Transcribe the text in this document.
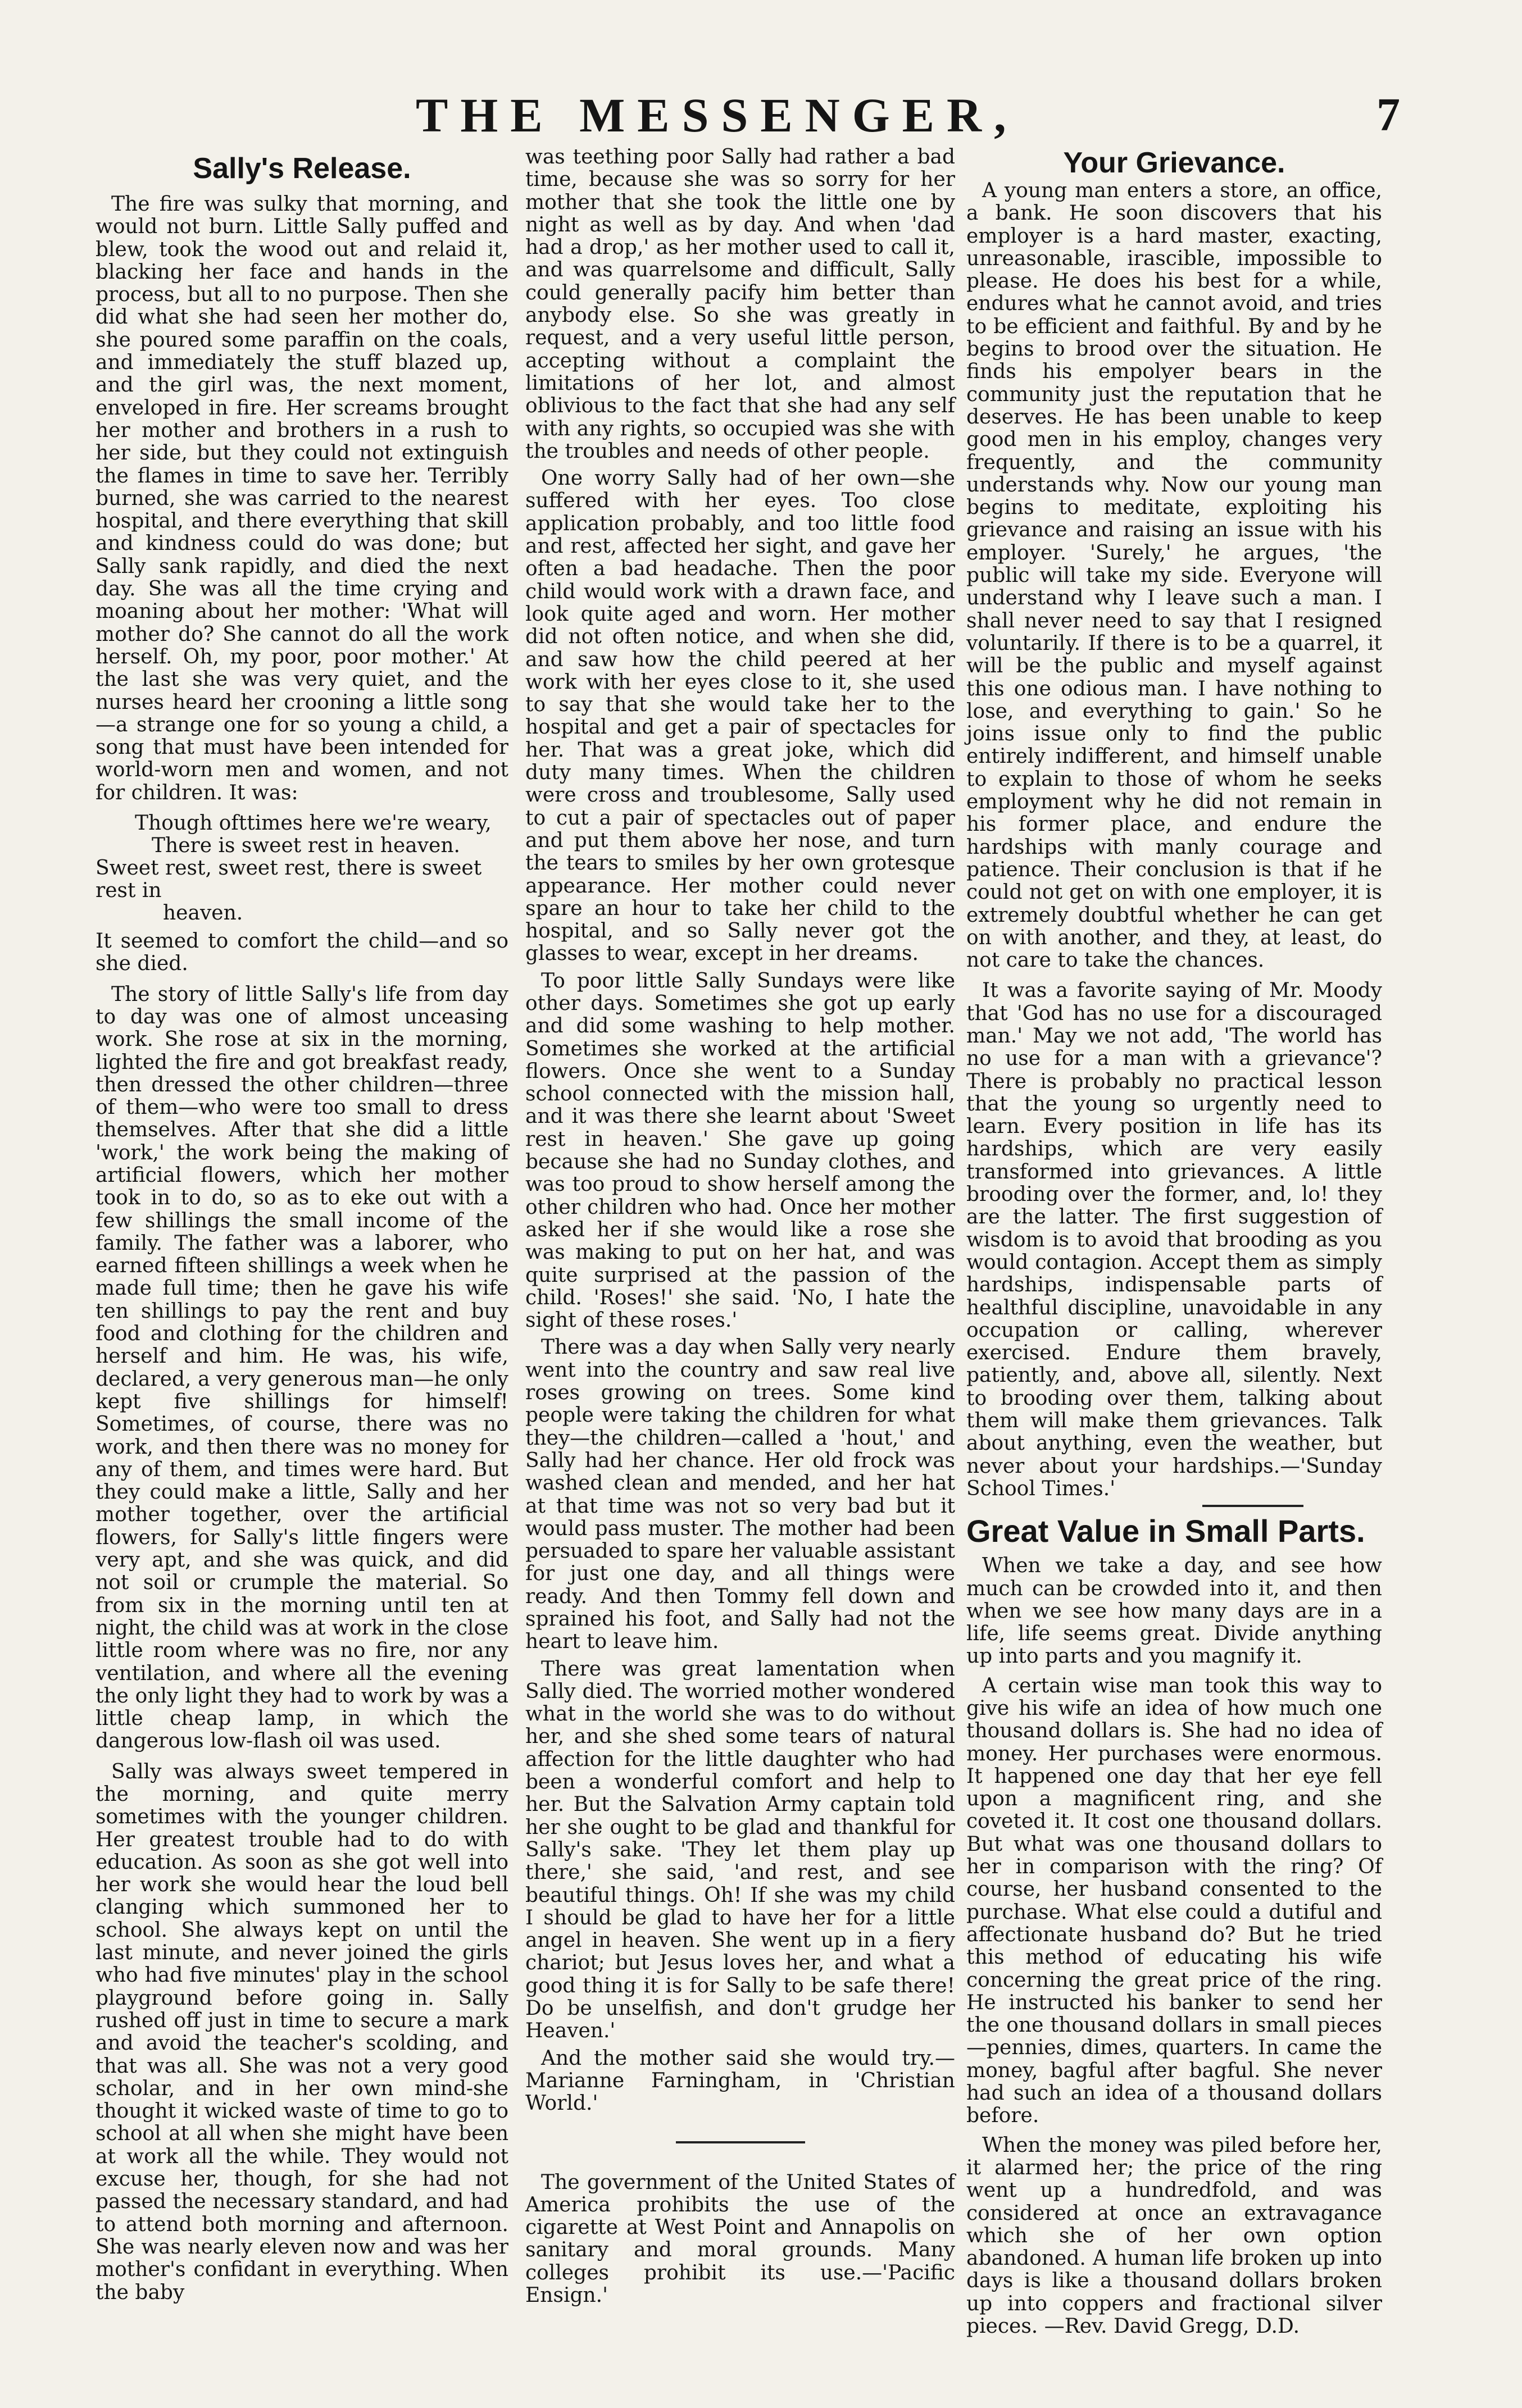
THE MESSENGER,	7
Sally's Release.

The fire was sulky that morning, and would not burn. Little Sally puffed and blew, took the wood out and relaid it, blacking her face and hands in the process, but all to no purpose. Then she did what she had seen her mother do, she poured some paraffin on the coals, and immediately the stuff blazed up, and the girl was, the next moment, enveloped in fire. Her screams brought her mother and brothers in a rush to her side, but they could not extinguish the flames in time to save her. Terribly burned, she was carried to the nearest hospital, and there everything that skill and kindness could do was done; but Sally sank rapidly, and died the next day. She was all the time crying and moaning about her mother: 'What will mother do? She cannot do all the work herself. Oh, my poor, poor mother.' At the last she was very quiet, and the nurses heard her crooning a little song—a strange one for so young a child, a song that must have been intended for world-worn men and women, and not for children. It was:

Though ofttimes here we're weary,
There is sweet rest in heaven.
Sweet rest, sweet rest, there is sweet rest in
heaven.

It seemed to comfort the child—and so she died.

The story of little Sally's life from day to day was one of almost unceasing work. She rose at six in the morning, lighted the fire and got breakfast ready, then dressed the other children—three of them—who were too small to dress themselves. After that she did a little 'work,' the work being the making of artificial flowers, which her mother took in to do, so as to eke out with a few shillings the small income of the family. The father was a laborer, who earned fifteen shillings a week when he made full time; then he gave his wife ten shillings to pay the rent and buy food and clothing for the children and herself and him. He was, his wife, declared, a very generous man—he only kept five shillings for himself! Sometimes, of course, there was no work, and then there was no money for any of them, and times were hard. But they could make a little, Sally and her mother together, over the artificial flowers, for Sally's little fingers were very apt, and she was quick, and did not soil or crumple the material. So from six in the morning until ten at night, the child was at work in the close little room where was no fire, nor any ventilation, and where all the evening the only light they had to work by was a little cheap lamp, in which the dangerous low-flash oil was used.

Sally was always sweet tempered in the morning, and quite merry sometimes with the younger children. Her greatest trouble had to do with education. As soon as she got well into her work she would hear the loud bell clanging which summoned her to school. She always kept on until the last minute, and never joined the girls who had five minutes' play in the school playground before going in. Sally rushed off just in time to secure a mark and avoid the teacher's scolding, and that was all. She was not a very good scholar, and in her own mind-she thought it wicked waste of time to go to school at all when she might have been at work all the while. They would not excuse her, though, for she had not passed the necessary standard, and had to attend both morning and afternoon. She was nearly eleven now and was her mother's confidant in everything. When the baby

was teething poor Sally had rather a bad time, because she was so sorry for her mother that she took the little one by night as well as by day. And when 'dad had a drop,' as her mother used to call it, and was quarrelsome and difficult, Sally could generally pacify him better than anybody else. So she was greatly in request, and a very useful little person, accepting without a complaint the limitations of her lot, and almost oblivious to the fact that she had any self with any rights, so occupied was she with the troubles and needs of other people.

One worry Sally had of her own—she suffered with her eyes. Too close application probably, and too little food and rest, affected her sight, and gave her often a bad headache. Then the poor child would work with a drawn face, and look quite aged and worn. Her mother did not often notice, and when she did, and saw how the child peered at her work with her eyes close to it, she used to say that she would take her to the hospital and get a pair of spectacles for her. That was a great joke, which did duty many times. When the children were cross and troublesome, Sally used to cut a pair of spectacles out of paper and put them above her nose, and turn the tears to smiles by her own grotesque appearance. Her mother could never spare an hour to take her child to the hospital, and so Sally never got the glasses to wear, except in her dreams.

To poor little Sally Sundays were like other days. Sometimes she got up early and did some washing to help mother. Sometimes she worked at the artificial flowers. Once she went to a Sunday school connected with the mission hall, and it was there she learnt about 'Sweet rest in heaven.' She gave up going because she had no Sunday clothes, and was too proud to show herself among the other children who had. Once her mother asked her if she would like a rose she was making to put on her hat, and was quite surprised at the passion of the child. 'Roses!' she said. 'No, I hate the sight of these roses.'

There was a day when Sally very nearly went into the country and saw real live roses growing on trees. Some kind people were taking the children for what they—the children—called a 'hout,' and Sally had her chance. Her old frock was washed clean and mended, and her hat at that time was not so very bad but it would pass muster. The mother had been persuaded to spare her valuable assistant for just one day, and all things were ready. And then Tommy fell down and sprained his foot, and Sally had not the heart to leave him.

There was great lamentation when Sally died. The worried mother wondered what in the world she was to do without her, and she shed some tears of natural affection for the little daughter who had been a wonderful comfort and help to her. But the Salvation Army captain told her she ought to be glad and thankful for Sally's sake. 'They let them play up there,' she said, 'and rest, and see beautiful things. Oh! If she was my child I should be glad to have her for a little angel in heaven. She went up in a fiery chariot; but Jesus loves her, and what a good thing it is for Sally to be safe there! Do be unselfish, and don't grudge her Heaven.'

And the mother said she would try.—Marianne Farningham, in 'Christian World.'

The government of the United States of America prohibits the use of the cigarette at West Point and Annapolis on sanitary and moral grounds. Many colleges prohibit its use.—'Pacific Ensign.'

Your Grievance.

A young man enters a store, an office, a bank. He soon discovers that his employer is a hard master, exacting, unreasonable, irascible, impossible to please. He does his best for a while, endures what he cannot avoid, and tries to be efficient and faithful. By and by he begins to brood over the situation. He finds his empolyer bears in the community just the reputation that he deserves. He has been unable to keep good men in his employ, changes very frequently, and the community understands why. Now our young man begins to meditate, exploiting his grievance and raising an issue with his employer. 'Surely,' he argues, 'the public will take my side. Everyone will understand why I leave such a man. I shall never need to say that I resigned voluntarily. If there is to be a quarrel, it will be the public and myself against this one odious man. I have nothing to lose, and everything to gain.' So he joins issue only to find the public entirely indifferent, and himself unable to explain to those of whom he seeks employment why he did not remain in his former place, and endure the hardships with manly courage and patience. Their conclusion is that if he could not get on with one employer, it is extremely doubtful whether he can get on with another, and they, at least, do not care to take the chances.

It was a favorite saying of Mr. Moody that 'God has no use for a discouraged man.' May we not add, 'The world has no use for a man with a grievance'? There is probably no practical lesson that the young so urgently need to learn. Every position in life has its hardships, which are very easily transformed into grievances. A little brooding over the former, and, lo! they are the latter. The first suggestion of wisdom is to avoid that brooding as you would contagion. Accept them as simply hardships, indispensable parts of healthful discipline, unavoidable in any occupation or calling, wherever exercised. Endure them bravely, patiently, and, above all, silently. Next to brooding over them, talking about them will make them grievances. Talk about anything, even the weather, but never about your hardships.—'Sunday School Times.'

Great Value in Small Parts.

When we take a day, and see how much can be crowded into it, and then when we see how many days are in a life, life seems great. Divide anything up into parts and you magnify it.

A certain wise man took this way to give his wife an idea of how much one thousand dollars is. She had no idea of money. Her purchases were enormous. It happened one day that her eye fell upon a magnificent ring, and she coveted it. It cost one thousand dollars. But what was one thousand dollars to her in comparison with the ring? Of course, her husband consented to the purchase. What else could a dutiful and affectionate husband do? But he tried this method of educating his wife concerning the great price of the ring. He instructed his banker to send her the one thousand dollars in small pieces—pennies, dimes, quarters. In came the money, bagful after bagful. She never had such an idea of a thousand dollars before.

When the money was piled before her, it alarmed her; the price of the ring went up a hundredfold, and was considered at once an extravagance which she of her own option abandoned. A human life broken up into days is like a thousand dollars broken up into coppers and fractional silver pieces. —Rev. David Gregg, D.D.
